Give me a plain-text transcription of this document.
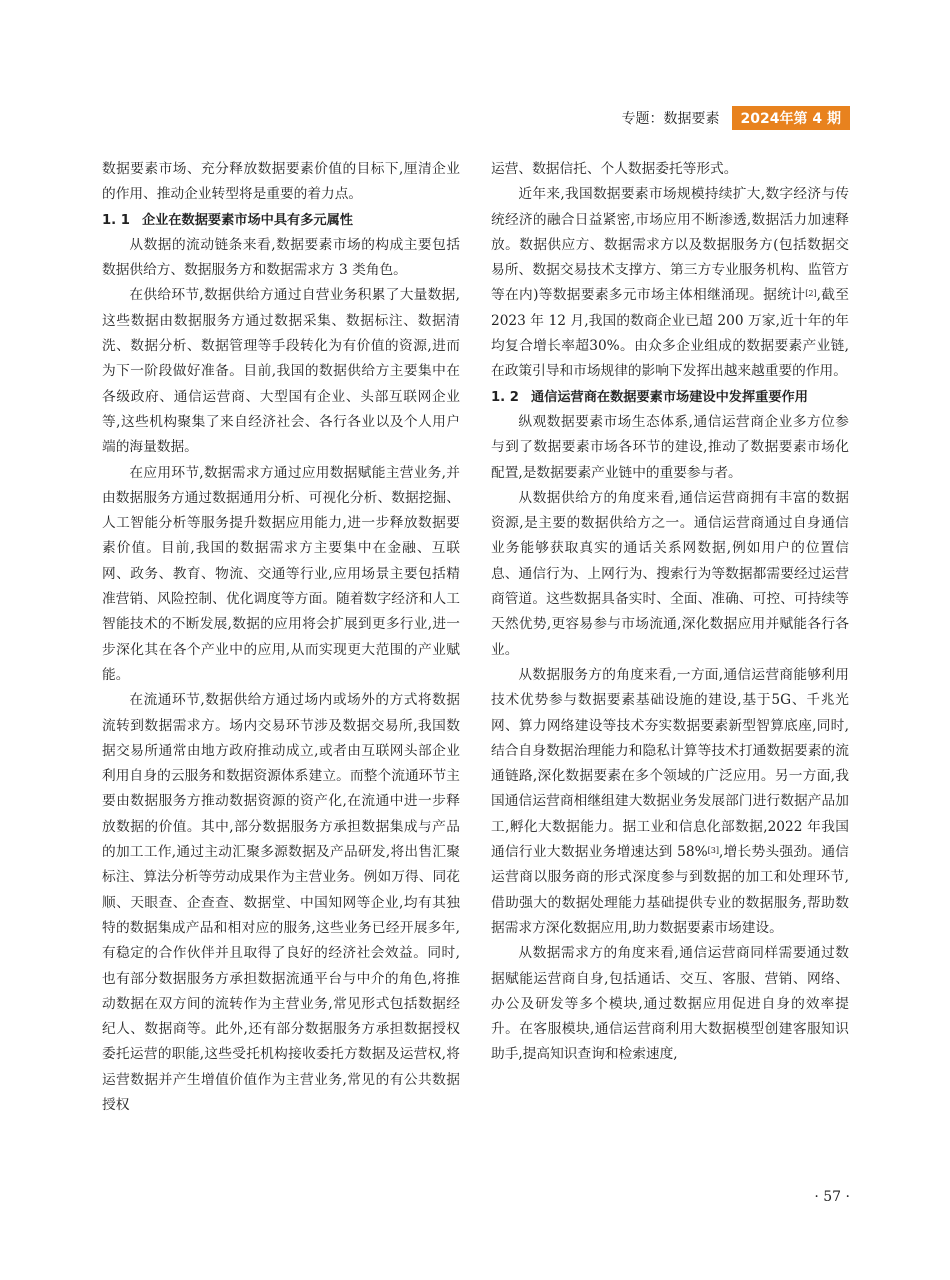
专题：数据要素	2024年第 4 期

数据要素市场、充分释放数据要素价值的目标下,厘清企业的作用、推动企业转型将是重要的着力点。

1. 1 企业在数据要素市场中具有多元属性

从数据的流动链条来看,数据要素市场的构成主要包括数据供给方、数据服务方和数据需求方 3 类角色。

在供给环节,数据供给方通过自营业务积累了大量数据,这些数据由数据服务方通过数据采集、数据标注、数据清洗、数据分析、数据管理等手段转化为有价值的资源,进而为下一阶段做好准备。目前,我国的数据供给方主要集中在各级政府、通信运营商、大型国有企业、头部互联网企业等,这些机构聚集了来自经济社会、各行各业以及个人用户端的海量数据。

在应用环节,数据需求方通过应用数据赋能主营业务,并由数据服务方通过数据通用分析、可视化分析、数据挖掘、人工智能分析等服务提升数据应用能力,进一步释放数据要素价值。目前,我国的数据需求方主要集中在金融、互联网、政务、教育、物流、交通等行业,应用场景主要包括精准营销、风险控制、优化调度等方面。随着数字经济和人工智能技术的不断发展,数据的应用将会扩展到更多行业,进一步深化其在各个产业中的应用,从而实现更大范围的产业赋能。

在流通环节,数据供给方通过场内或场外的方式将数据流转到数据需求方。场内交易环节涉及数据交易所,我国数据交易所通常由地方政府推动成立,或者由互联网头部企业利用自身的云服务和数据资源体系建立。而整个流通环节主要由数据服务方推动数据资源的资产化,在流通中进一步释放数据的价值。其中,部分数据服务方承担数据集成与产品的加工工作,通过主动汇聚多源数据及产品研发,将出售汇聚标注、算法分析等劳动成果作为主营业务。例如万得、同花顺、天眼查、企查查、数据堂、中国知网等企业,均有其独特的数据集成产品和相对应的服务,这些业务已经开展多年,有稳定的合作伙伴并且取得了良好的经济社会效益。同时,也有部分数据服务方承担数据流通平台与中介的角色,将推动数据在双方间的流转作为主营业务,常见形式包括数据经纪人、数据商等。此外,还有部分数据服务方承担数据授权委托运营的职能,这些受托机构接收委托方数据及运营权,将运营数据并产生增值价值作为主营业务,常见的有公共数据授权

运营、数据信托、个人数据委托等形式。

近年来,我国数据要素市场规模持续扩大,数字经济与传统经济的融合日益紧密,市场应用不断渗透,数据活力加速释放。数据供应方、数据需求方以及数据服务方(包括数据交易所、数据交易技术支撑方、第三方专业服务机构、监管方等在内)等数据要素多元市场主体相继涌现。据统计[2],截至 2023 年 12 月,我国的数商企业已超 200 万家,近十年的年均复合增长率超30%。由众多企业组成的数据要素产业链,在政策引导和市场规律的影响下发挥出越来越重要的作用。

1. 2 通信运营商在数据要素市场建设中发挥重要作用

纵观数据要素市场生态体系,通信运营商企业多方位参与到了数据要素市场各环节的建设,推动了数据要素市场化配置,是数据要素产业链中的重要参与者。

从数据供给方的角度来看,通信运营商拥有丰富的数据资源,是主要的数据供给方之一。通信运营商通过自身通信业务能够获取真实的通话关系网数据,例如用户的位置信息、通信行为、上网行为、搜索行为等数据都需要经过运营商管道。这些数据具备实时、全面、准确、可控、可持续等天然优势,更容易参与市场流通,深化数据应用并赋能各行各业。

从数据服务方的角度来看,一方面,通信运营商能够利用技术优势参与数据要素基础设施的建设,基于5G、千兆光网、算力网络建设等技术夯实数据要素新型智算底座,同时,结合自身数据治理能力和隐私计算等技术打通数据要素的流通链路,深化数据要素在多个领域的广泛应用。另一方面,我国通信运营商相继组建大数据业务发展部门进行数据产品加工,孵化大数据能力。据工业和信息化部数据,2022 年我国通信行业大数据业务增速达到 58%[3],增长势头强劲。通信运营商以服务商的形式深度参与到数据的加工和处理环节,借助强大的数据处理能力基础提供专业的数据服务,帮助数据需求方深化数据应用,助力数据要素市场建设。

从数据需求方的角度来看,通信运营商同样需要通过数据赋能运营商自身,包括通话、交互、客服、营销、网络、办公及研发等多个模块,通过数据应用促进自身的效率提升。在客服模块,通信运营商利用大数据模型创建客服知识助手,提高知识查询和检索速度,

· 57 ·
